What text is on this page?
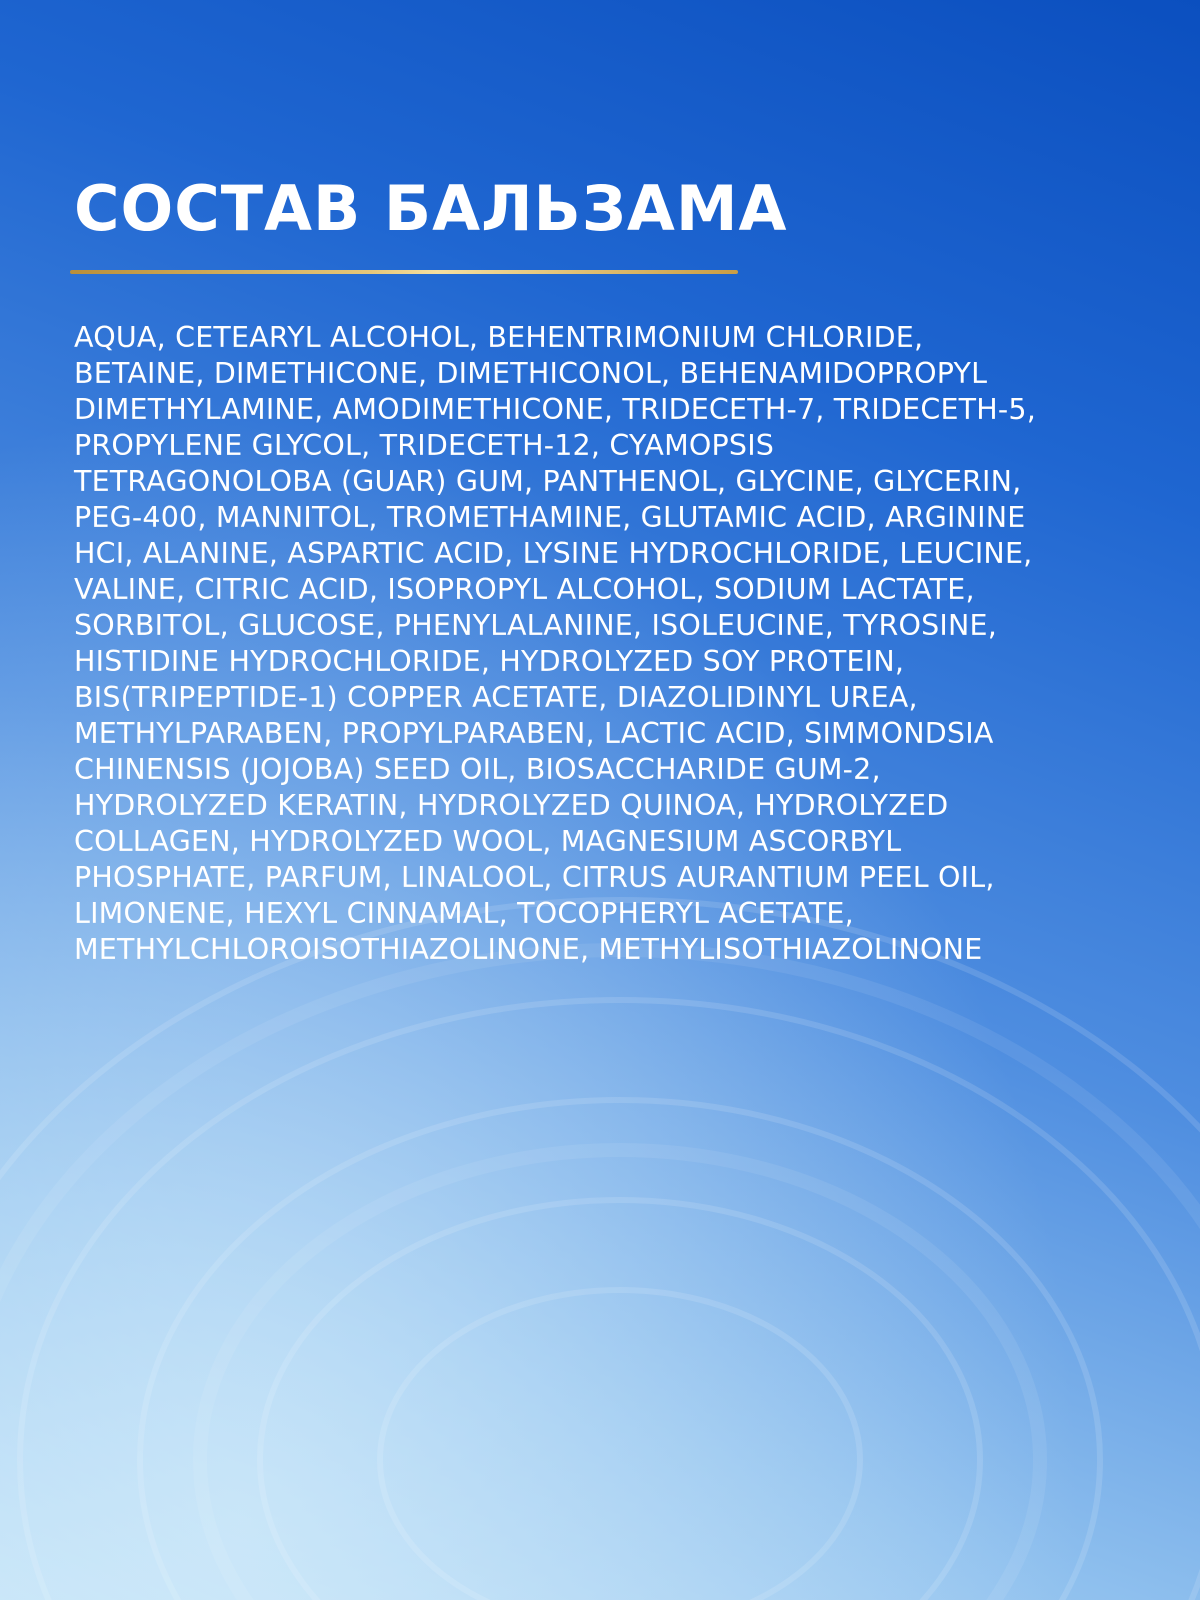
СОСТАВ БАЛЬЗАМА
AQUA, CETEARYL ALCOHOL, BEHENTRIMONIUM CHLORIDE,
BETAINE, DIMETHICONE, DIMETHICONOL, BEHENAMIDOPROPYL
DIMETHYLAMINE, AMODIMETHICONE, TRIDECETH-7, TRIDECETH-5,
PROPYLENE GLYCOL, TRIDECETH-12, CYAMOPSIS
TETRAGONOLOBA (GUAR) GUM, PANTHENOL, GLYCINE, GLYCERIN,
PEG-400, MANNITOL, TROMETHAMINE, GLUTAMIC ACID, ARGININE
HCI, ALANINE, ASPARTIC ACID, LYSINE HYDROCHLORIDE, LEUCINE,
VALINE, CITRIC ACID, ISOPROPYL ALCOHOL, SODIUM LACTATE,
SORBITOL, GLUCOSE, PHENYLALANINE, ISOLEUCINE, TYROSINE,
HISTIDINE HYDROCHLORIDE, HYDROLYZED SOY PROTEIN,
BIS(TRIPEPTIDE-1) COPPER ACETATE, DIAZOLIDINYL UREA,
METHYLPARABEN, PROPYLPARABEN, LACTIC ACID, SIMMONDSIA
CHINENSIS (JOJOBA) SEED OIL, BIOSACCHARIDE GUM-2,
HYDROLYZED KERATIN, HYDROLYZED QUINOA, HYDROLYZED
COLLAGEN, HYDROLYZED WOOL, MAGNESIUM ASCORBYL
PHOSPHATE, PARFUM, LINALOOL, CITRUS AURANTIUM PEEL OIL,
LIMONENE, HEXYL CINNAMAL, TOCOPHERYL ACETATE,
METHYLCHLOROISOTHIAZOLINONE, METHYLISOTHIAZOLINONE
